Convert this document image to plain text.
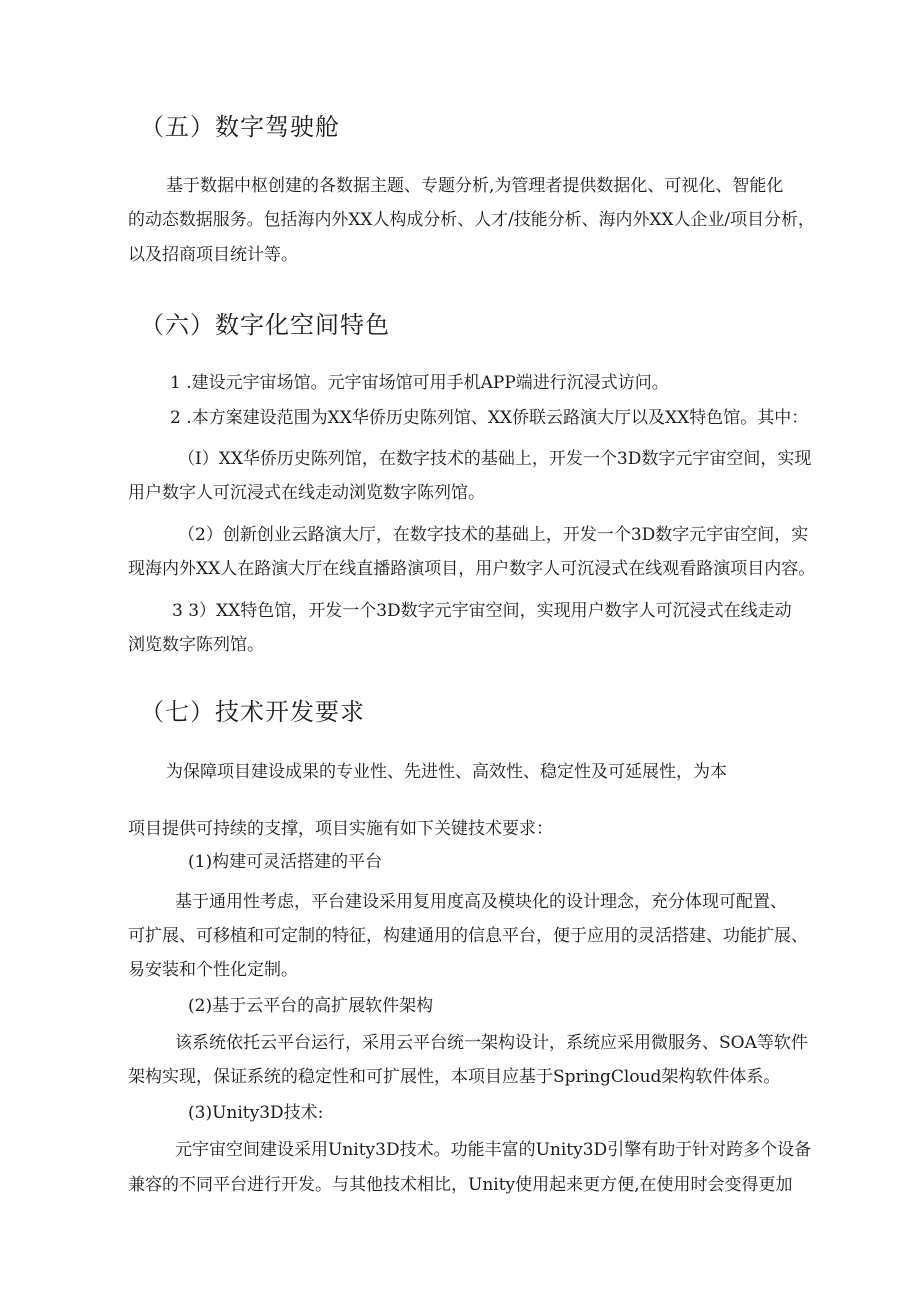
（五）数字驾驶舱
基于数据中枢创建的各数据主题、专题分析,为管理者提供数据化、可视化、智能化
的动态数据服务。包括海内外XX人构成分析、人才/技能分析、海内外XX人企业/项目分析，
以及招商项目统计等。
（六）数字化空间特色
1 .建设元宇宙场馆。元宇宙场馆可用手机APP端进行沉浸式访问。
2 .本方案建设范围为XX华侨历史陈列馆、XX侨联云路演大厅以及XX特色馆。其中：
（I）XX华侨历史陈列馆，在数字技术的基础上，开发一个3D数字元宇宙空间，实现
用户数字人可沉浸式在线走动浏览数字陈列馆。
（2）创新创业云路演大厅，在数字技术的基础上，开发一个3D数字元宇宙空间，实
现海内外XX人在路演大厅在线直播路演项目，用户数字人可沉浸式在线观看路演项目内容。
3 3）XX特色馆，开发一个3D数字元宇宙空间，实现用户数字人可沉浸式在线走动
浏览数字陈列馆。
（七）技术开发要求
为保障项目建设成果的专业性、先进性、高效性、稳定性及可延展性，为本
项目提供可持续的支撑，项目实施有如下关键技术要求：
(1)构建可灵活搭建的平台
基于通用性考虑，平台建设采用复用度高及模块化的设计理念，充分体现可配置、
可扩展、可移植和可定制的特征，构建通用的信息平台，便于应用的灵活搭建、功能扩展、
易安装和个性化定制。
(2)基于云平台的高扩展软件架构
该系统依托云平台运行，采用云平台统一架构设计，系统应采用微服务、SOA等软件
架构实现，保证系统的稳定性和可扩展性，本项目应基于SpringCloud架构软件体系。
(3)Unity3D技术:
元宇宙空间建设采用Unity3D技术。功能丰富的Unity3D引擎有助于针对跨多个设备
兼容的不同平台进行开发。与其他技术相比，Unity使用起来更方便,在使用时会变得更加
